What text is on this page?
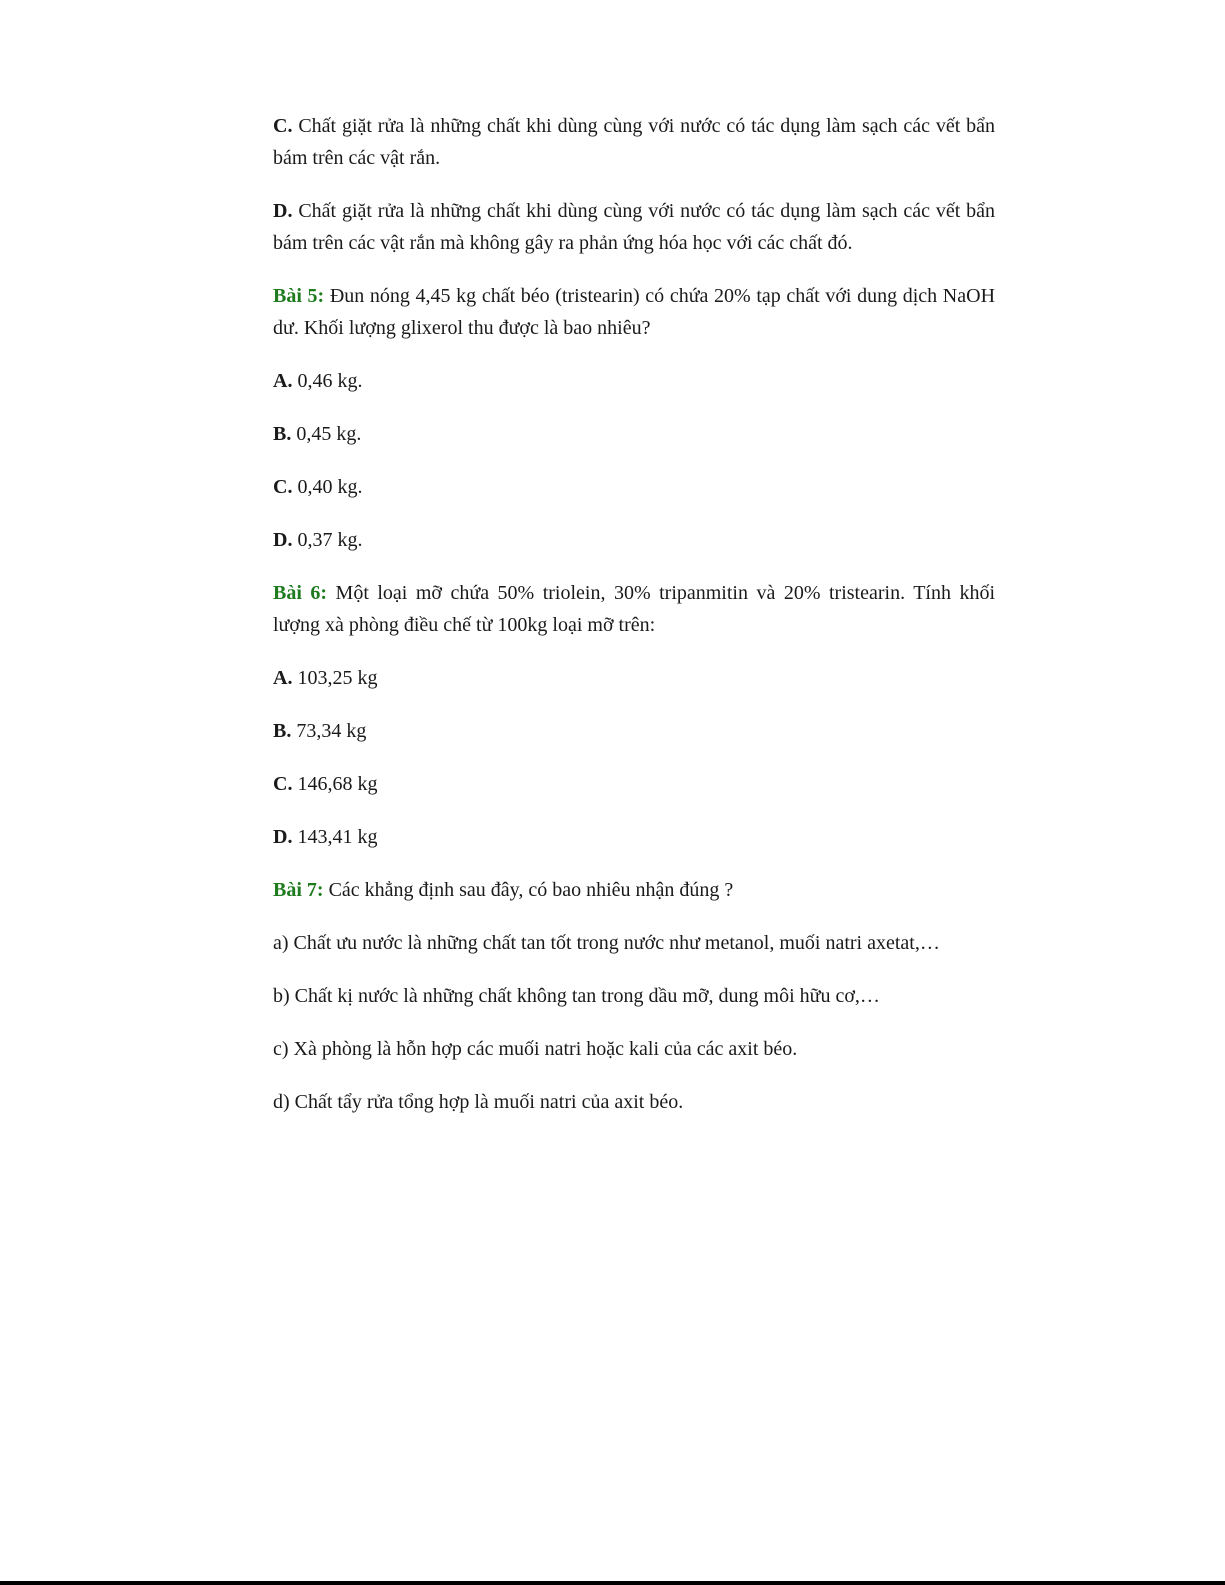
C. Chất giặt rửa là những chất khi dùng cùng với nước có tác dụng làm sạch các vết bẩn bám trên các vật rắn.

D. Chất giặt rửa là những chất khi dùng cùng với nước có tác dụng làm sạch các vết bẩn bám trên các vật rắn mà không gây ra phản ứng hóa học với các chất đó.

Bài 5: Đun nóng 4,45 kg chất béo (tristearin) có chứa 20% tạp chất với dung dịch NaOH dư. Khối lượng glixerol thu được là bao nhiêu?

A. 0,46 kg.

B. 0,45 kg.

C. 0,40 kg.

D. 0,37 kg.

Bài 6: Một loại mỡ chứa 50% triolein, 30% tripanmitin và 20% tristearin. Tính khối lượng xà phòng điều chế từ 100kg loại mỡ trên:

A. 103,25 kg

B. 73,34 kg

C. 146,68 kg

D. 143,41 kg

Bài 7: Các khẳng định sau đây, có bao nhiêu nhận đúng ?

a) Chất ưu nước là những chất tan tốt trong nước như metanol, muối natri axetat,…

b) Chất kị nước là những chất không tan trong dầu mỡ, dung môi hữu cơ,…

c) Xà phòng là hỗn hợp các muối natri hoặc kali của các axit béo.

d) Chất tẩy rửa tổng hợp là muối natri của axit béo.
